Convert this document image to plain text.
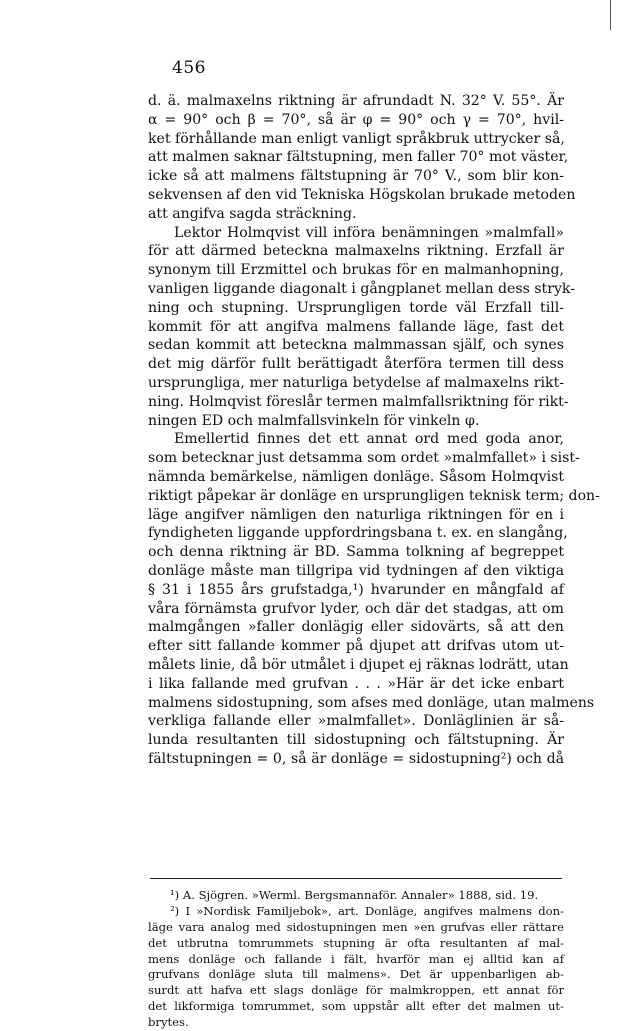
456
d. ä. malmaxelns riktning är afrundadt N. 32° V. 55°. Är
α = 90° och β = 70°, så är φ = 90° och γ = 70°, hvil-
ket förhållande man enligt vanligt språkbruk uttrycker så,
att malmen saknar fältstupning, men faller 70° mot väster,
icke så att malmens fältstupning är 70° V., som blir kon-
sekvensen af den vid Tekniska Högskolan brukade metoden
att angifva sagda sträckning.
Lektor Holmqvist vill införa benämningen »malmfall»
för att därmed beteckna malmaxelns riktning. Erzfall är
synonym till Erzmittel och brukas för en malmanhopning,
vanligen liggande diagonalt i gångplanet mellan dess stryk-
ning och stupning. Ursprungligen torde väl Erzfall till-
kommit för att angifva malmens fallande läge, fast det
sedan kommit att beteckna malmmassan själf, och synes
det mig därför fullt berättigadt återföra termen till dess
ursprungliga, mer naturliga betydelse af malmaxelns rikt-
ning. Holmqvist föreslår termen malmfallsriktning för rikt-
ningen ED och malmfallsvinkeln för vinkeln φ.
Emellertid finnes det ett annat ord med goda anor,
som betecknar just detsamma som ordet »malmfallet» i sist-
nämnda bemärkelse, nämligen donläge. Såsom Holmqvist
riktigt påpekar är donläge en ursprungligen teknisk term; don-
läge angifver nämligen den naturliga riktningen för en i
fyndigheten liggande uppfordringsbana t. ex. en slangång,
och denna riktning är BD. Samma tolkning af begreppet
donläge måste man tillgripa vid tydningen af den viktiga
§ 31 i 1855 års grufstadga,¹) hvarunder en mångfald af
våra förnämsta grufvor lyder, och där det stadgas, att om
malmgången »faller donlägig eller sidovärts, så att den
efter sitt fallande kommer på djupet att drifvas utom ut-
målets linie, då bör utmålet i djupet ej räknas lodrätt, utan
i lika fallande med grufvan . . . »Här är det icke enbart
malmens sidostupning, som afses med donläge, utan malmens
verkliga fallande eller »malmfallet». Donläglinien är så-
lunda resultanten till sidostupning och fältstupning. Är
fältstupningen = 0, så är donläge = sidostupning²) och då
¹) A. Sjögren. »Werml. Bergsmannaför. Annaler» 1888, sid. 19.
²) I »Nordisk Familjebok», art. Donläge, angifves malmens don-
läge vara analog med sidostupningen men »en grufvas eller rättare
det utbrutna tomrummets stupning är ofta resultanten af mal-
mens donläge och fallande i fält, hvarför man ej alltid kan af
grufvans donläge sluta till malmens». Det är uppenbarligen ab-
surdt att hafva ett slags donläge för malmkroppen, ett annat för
det likformiga tomrummet, som uppstår allt efter det malmen ut-
brytes.
